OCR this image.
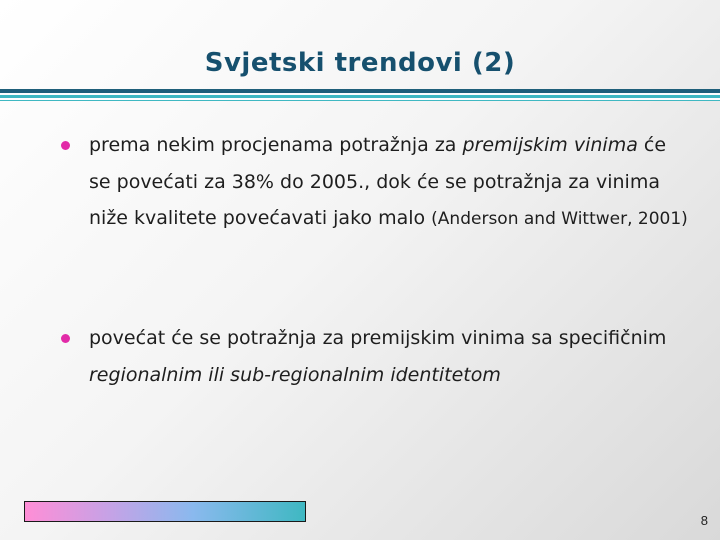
Svjetski trendovi (2)
prema nekim procjenama potražnja za premijskim vinima će se povećati za 38% do 2005., dok će se potražnja za vinima niže kvalitete povećavati jako malo (Anderson and Wittwer, 2001)
povećat će se potražnja za premijskim vinima sa specifičnim regionalnim ili sub-regionalnim identitetom
8
